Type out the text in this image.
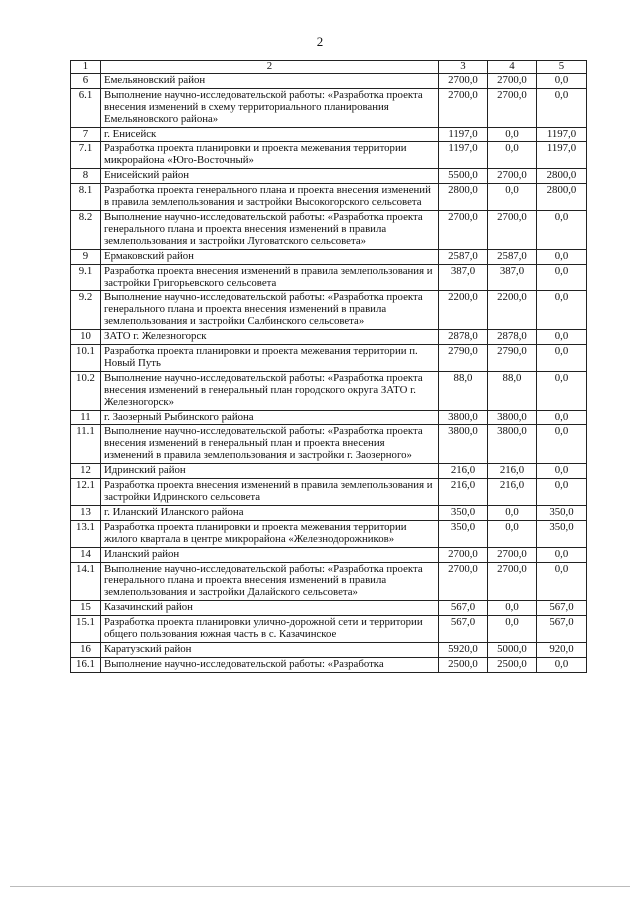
2
1	2	3	4	5
6	Емельяновский район	2700,0	2700,0	0,0
6.1	Выполнение научно-исследовательской работы: «Разработка проекта внесения изменений в схему территориального планирования Емельяновского района»	2700,0	2700,0	0,0
7	г. Енисейск	1197,0	0,0	1197,0
7.1	Разработка проекта планировки и проекта межевания территории микрорайона «Юго-Восточный»	1197,0	0,0	1197,0
8	Енисейский район	5500,0	2700,0	2800,0
8.1	Разработка проекта генерального плана и проекта внесения изменений в правила землепользования и застройки Высокогорского сельсовета	2800,0	0,0	2800,0
8.2	Выполнение научно-исследовательской работы: «Разработка проекта генерального плана и проекта внесения изменений в правила землепользования и застройки Луговатского сельсовета»	2700,0	2700,0	0,0
9	Ермаковский район	2587,0	2587,0	0,0
9.1	Разработка проекта внесения изменений в правила землепользования и застройки Григорьевского сельсовета	387,0	387,0	0,0
9.2	Выполнение научно-исследовательской работы: «Разработка проекта генерального плана и проекта внесения изменений в правила землепользования и застройки Салбинского сельсовета»	2200,0	2200,0	0,0
10	ЗАТО г. Железногорск	2878,0	2878,0	0,0
10.1	Разработка проекта планировки и проекта межевания территории п. Новый Путь	2790,0	2790,0	0,0
10.2	Выполнение научно-исследовательской работы: «Разработка проекта внесения изменений в генеральный план городского округа ЗАТО г. Железногорск»	88,0	88,0	0,0
11	г. Заозерный Рыбинского района	3800,0	3800,0	0,0
11.1	Выполнение научно-исследовательской работы: «Разработка проекта внесения изменений в генеральный план и проекта внесения изменений в правила землепользования и застройки г. Заозерного»	3800,0	3800,0	0,0
12	Идринский район	216,0	216,0	0,0
12.1	Разработка проекта внесения изменений в правила землепользования и застройки Идринского сельсовета	216,0	216,0	0,0
13	г. Иланский Иланского района	350,0	0,0	350,0
13.1	Разработка проекта планировки и проекта межевания территории жилого квартала в центре микрорайона «Железнодорожников»	350,0	0,0	350,0
14	Иланский район	2700,0	2700,0	0,0
14.1	Выполнение научно-исследовательской работы: «Разработка проекта генерального плана и проекта внесения изменений в правила землепользования и застройки Далайского сельсовета»	2700,0	2700,0	0,0
15	Казачинский район	567,0	0,0	567,0
15.1	Разработка проекта планировки улично-дорожной сети и территории общего пользования южная часть в с. Казачинское	567,0	0,0	567,0
16	Каратузский район	5920,0	5000,0	920,0
16.1	Выполнение научно-исследовательской работы: «Разработка	2500,0	2500,0	0,0
